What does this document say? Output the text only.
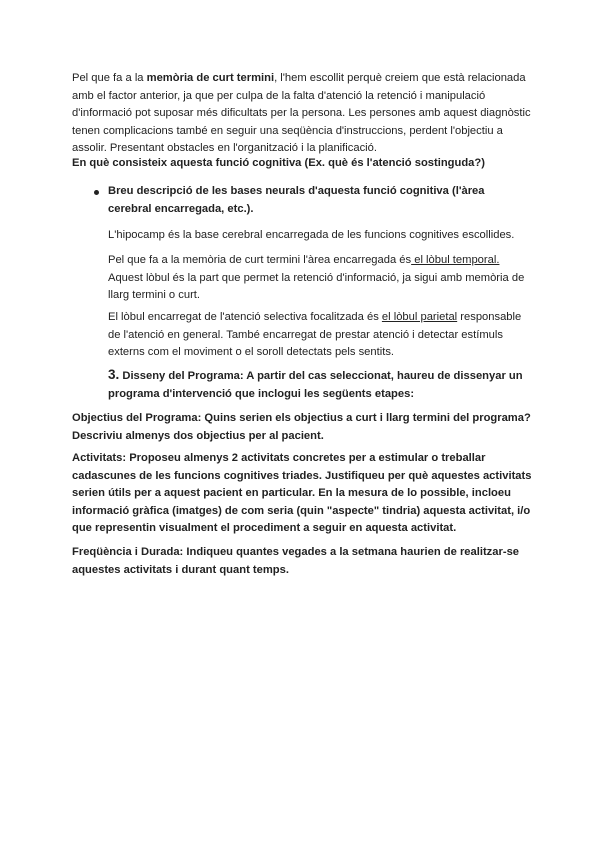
Pel que fa a la memòria de curt termini, l'hem escollit perquè creiem que està relacionada amb el factor anterior, ja que per culpa de la falta d'atenció la retenció i manipulació d'informació pot suposar més dificultats per la persona. Les persones amb aquest diagnòstic tenen complicacions també en seguir una seqüència d'instruccions, perdent l'objectiu a assolir. Presentant obstacles en l'organització i la planificació.

En què consisteix aquesta funció cognitiva (Ex. què és l'atenció sostinguda?)

Breu descripció de les bases neurals d'aquesta funció cognitiva (l'àrea cerebral encarregada, etc.).

L'hipocamp és la base cerebral encarregada de les funcions cognitives escollides.

Pel que fa a la memòria de curt termini l'àrea encarregada és el lòbul temporal. Aquest lòbul és la part que permet la retenció d'informació, ja sigui amb memòria de llarg termini o curt.

El lòbul encarregat de l'atenció selectiva focalitzada és el lòbul parietal responsable de l'atenció en general. També encarregat de prestar atenció i detectar estímuls externs com el moviment o el soroll detectats pels sentits.

3. Disseny del Programa: A partir del cas seleccionat, haureu de dissenyar un programa d'intervenció que inclogui les següents etapes:

Objectius del Programa: Quins serien els objectius a curt i llarg termini del programa? Descriviu almenys dos objectius per al pacient.

Activitats: Proposeu almenys 2 activitats concretes per a estimular o treballar cadascunes de les funcions cognitives triades. Justifiqueu per què aquestes activitats serien útils per a aquest pacient en particular. En la mesura de lo possible, incloeu informació gràfica (imatges) de com seria (quin "aspecte" tindria) aquesta activitat, i/o que representin visualment el procediment a seguir en aquesta activitat.

Freqüència i Durada: Indiqueu quantes vegades a la setmana haurien de realitzar-se aquestes activitats i durant quant temps.
